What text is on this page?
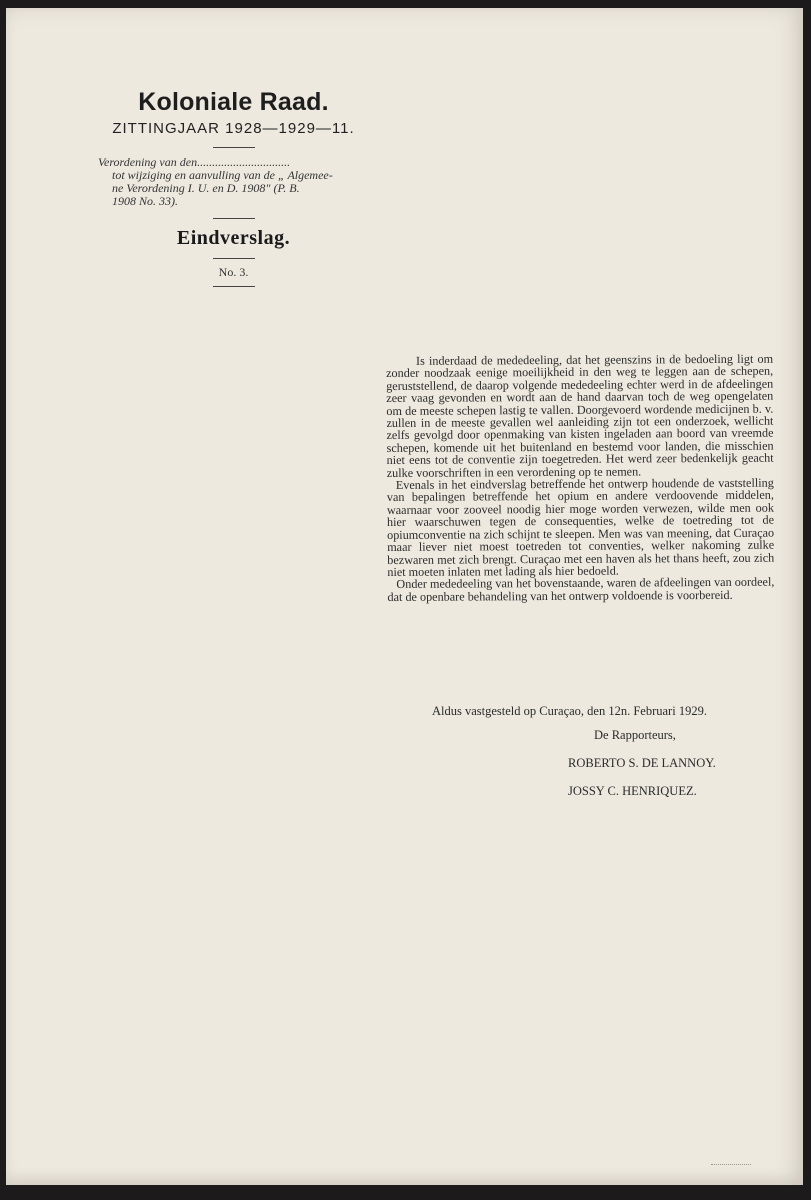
Koloniale Raad.
ZITTINGJAAR 1928—1929—11.
Verordening van den...............................
tot wijziging en aanvulling van de „ Algemee-
ne Verordening I. U. en D. 1908" (P. B.
1908 No. 33).
Eindverslag.
No. 3.

Is inderdaad de mededeeling, dat het geenszins in de bedoeling ligt om zonder noodzaak eenige moeilijkheid in den weg te leggen aan de schepen, geruststellend, de daarop volgende mededeeling echter werd in de afdeelingen zeer vaag gevonden en wordt aan de hand daarvan toch de weg opengelaten om de meeste schepen lastig te vallen. Doorgevoerd wordende medicijnen b. v. zullen in de meeste gevallen wel aanleiding zijn tot een onderzoek, wellicht zelfs gevolgd door openmaking van kisten ingeladen aan boord van vreemde schepen, komende uit het buitenland en bestemd voor landen, die misschien niet eens tot de conventie zijn toegetreden. Het werd zeer bedenkelijk geacht zulke voorschriften in een verordening op te nemen.

Evenals in het eindverslag betreffende het ontwerp houdende de vaststelling van bepalingen betreffende het opium en andere verdoovende middelen, waarnaar voor zooveel noodig hier moge worden verwezen, wilde men ook hier waarschuwen tegen de consequenties, welke de toetreding tot de opiumconventie na zich schijnt te sleepen. Men was van meening, dat Curaçao maar liever niet moest toetreden tot conventies, welker nakoming zulke bezwaren met zich brengt. Curaçao met een haven als het thans heeft, zou zich niet moeten inlaten met lading als hier bedoeld.

Onder mededeeling van het bovenstaande, waren de afdeelingen van oordeel, dat de openbare behandeling van het ontwerp voldoende is voorbereid.

Aldus vastgesteld op Curaçao, den 12n. Februari 1929.
De Rapporteurs,
ROBERTO S. DE LANNOY.
JOSSY C. HENRIQUEZ.
